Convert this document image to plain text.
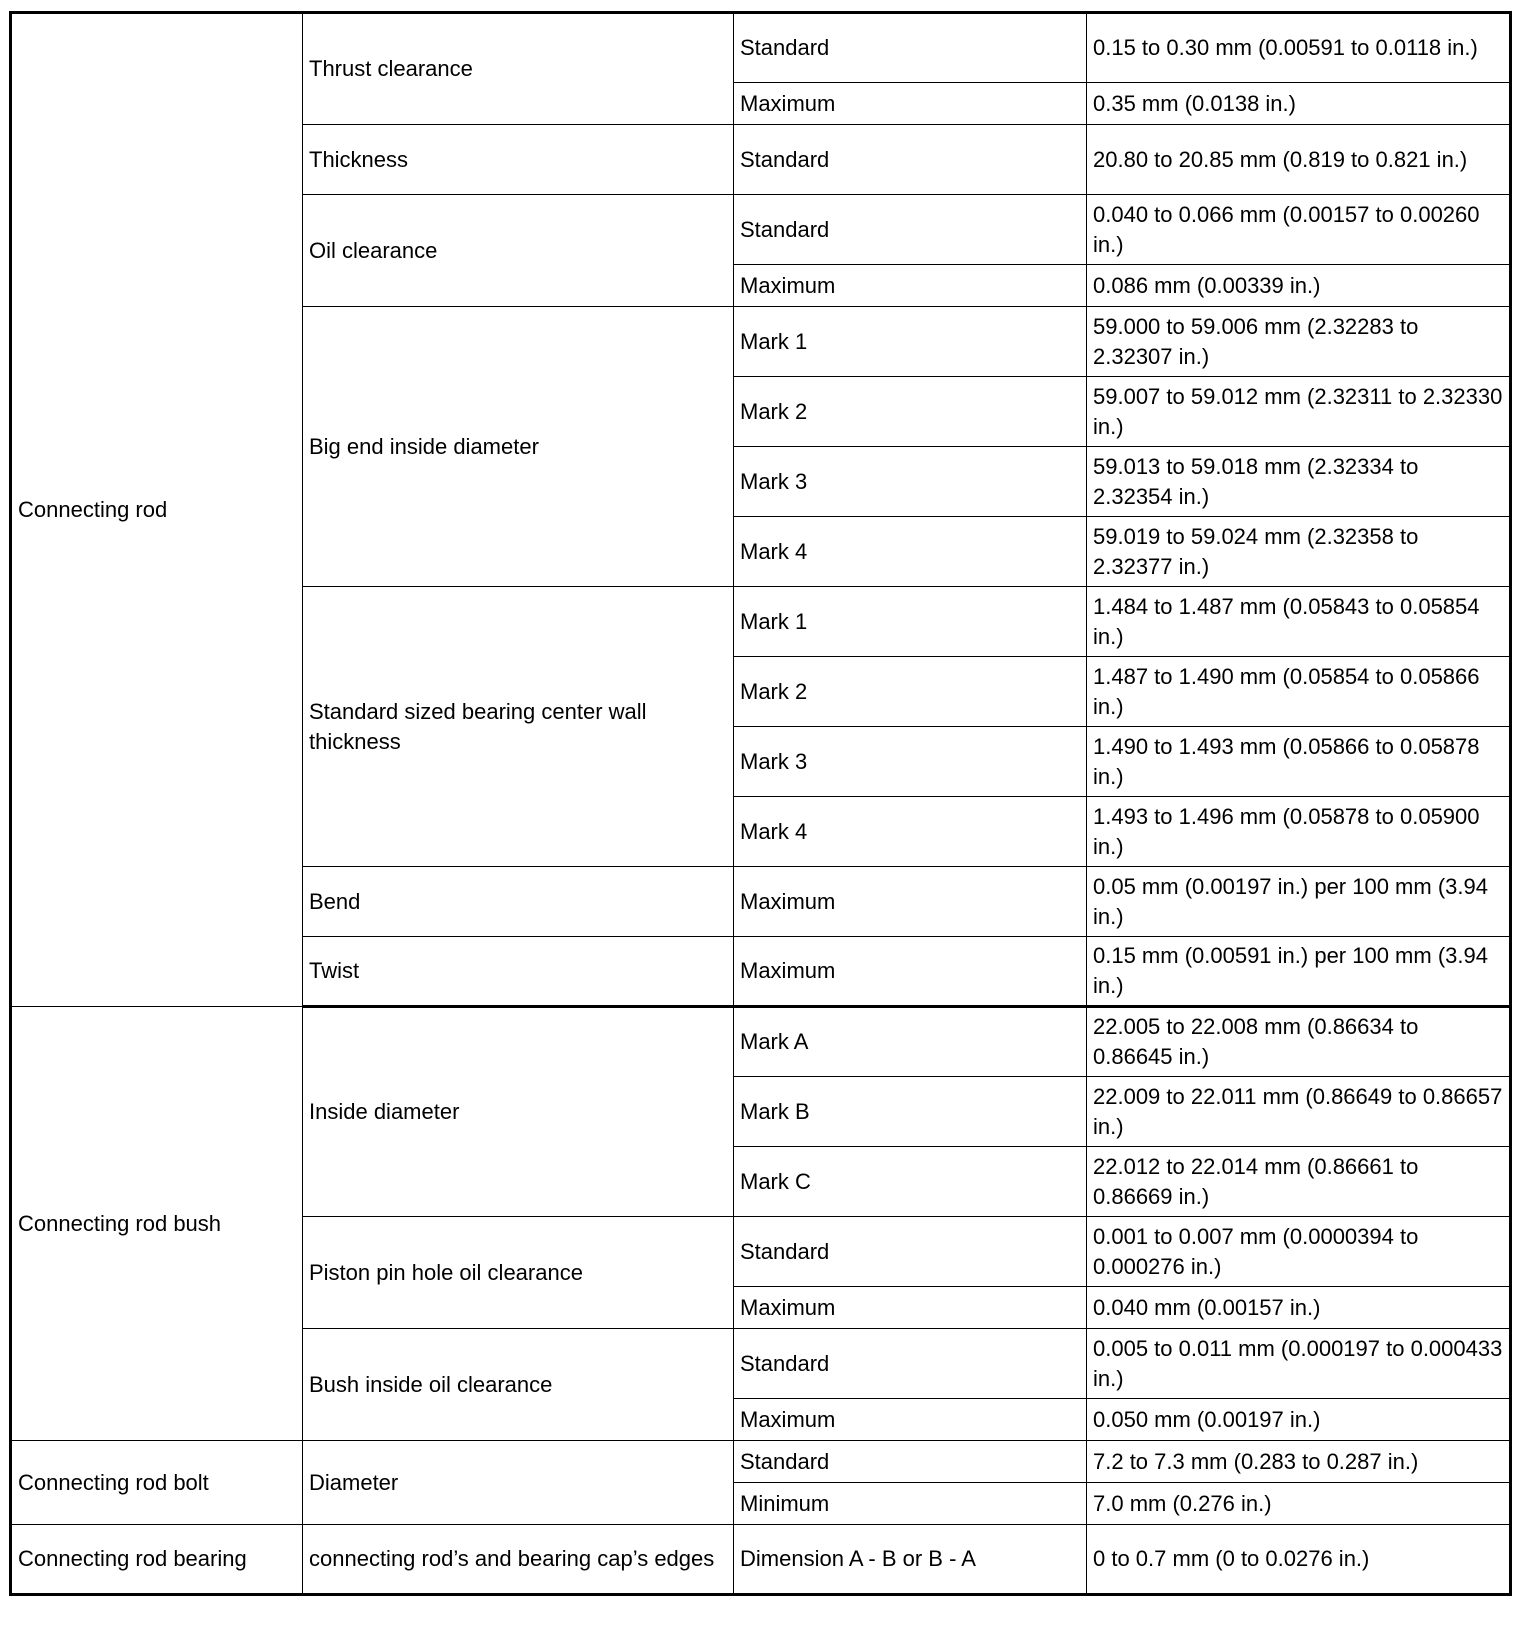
Connecting rod	Thrust clearance	Standard	0.15 to 0.30 mm (0.00591 to 0.0118 in.)
		Maximum	0.35 mm (0.0138 in.)
	Thickness	Standard	20.80 to 20.85 mm (0.819 to 0.821 in.)
	Oil clearance	Standard	0.040 to 0.066 mm (0.00157 to 0.00260 in.)
		Maximum	0.086 mm (0.00339 in.)
	Big end inside diameter	Mark 1	59.000 to 59.006 mm (2.32283 to 2.32307 in.)
		Mark 2	59.007 to 59.012 mm (2.32311 to 2.32330 in.)
		Mark 3	59.013 to 59.018 mm (2.32334 to 2.32354 in.)
		Mark 4	59.019 to 59.024 mm (2.32358 to 2.32377 in.)
	Standard sized bearing center wall thickness	Mark 1	1.484 to 1.487 mm (0.05843 to 0.05854 in.)
		Mark 2	1.487 to 1.490 mm (0.05854 to 0.05866 in.)
		Mark 3	1.490 to 1.493 mm (0.05866 to 0.05878 in.)
		Mark 4	1.493 to 1.496 mm (0.05878 to 0.05900 in.)
	Bend	Maximum	0.05 mm (0.00197 in.) per 100 mm (3.94 in.)
	Twist	Maximum	0.15 mm (0.00591 in.) per 100 mm (3.94 in.)
Connecting rod bush	Inside diameter	Mark A	22.005 to 22.008 mm (0.86634 to 0.86645 in.)
		Mark B	22.009 to 22.011 mm (0.86649 to 0.86657 in.)
		Mark C	22.012 to 22.014 mm (0.86661 to 0.86669 in.)
	Piston pin hole oil clearance	Standard	0.001 to 0.007 mm (0.0000394 to 0.000276 in.)
		Maximum	0.040 mm (0.00157 in.)
	Bush inside oil clearance	Standard	0.005 to 0.011 mm (0.000197 to 0.000433 in.)
		Maximum	0.050 mm (0.00197 in.)
Connecting rod bolt	Diameter	Standard	7.2 to 7.3 mm (0.283 to 0.287 in.)
		Minimum	7.0 mm (0.276 in.)
Connecting rod bearing	connecting rod’s and bearing cap’s edges	Dimension A - B or B - A	0 to 0.7 mm (0 to 0.0276 in.)
